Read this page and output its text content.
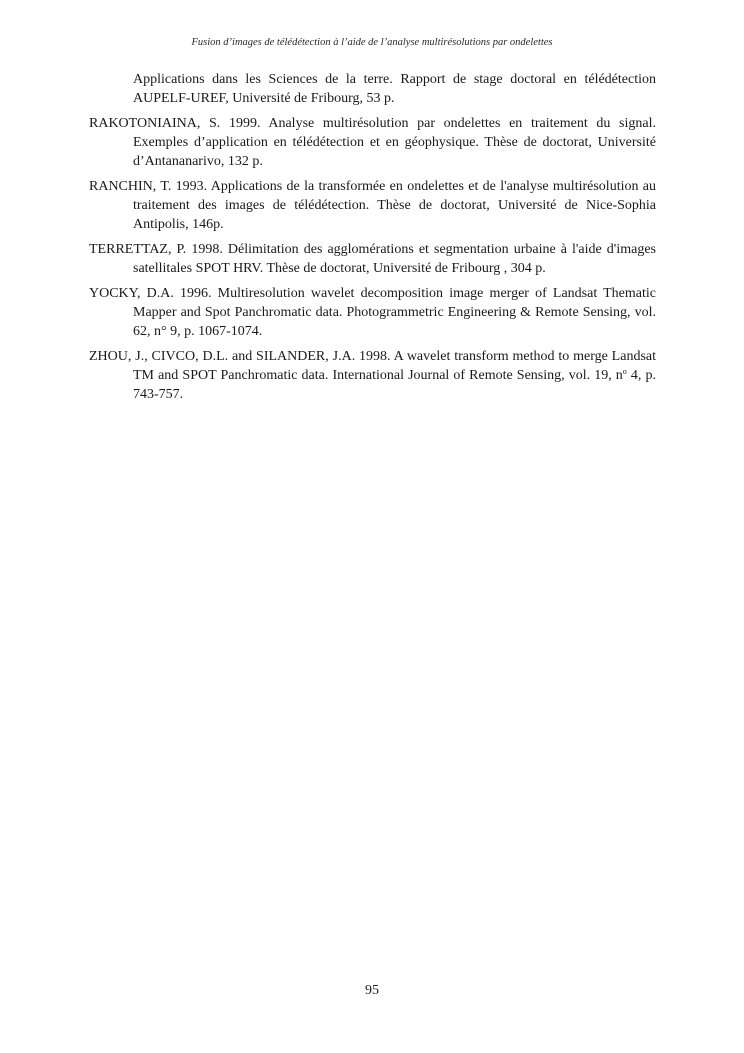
Fusion d’images de télédétection à l’aide de l’analyse multirésolutions par ondelettes
Applications dans les Sciences de la terre. Rapport de stage doctoral en télédétection AUPELF-UREF, Université de Fribourg, 53 p.
RAKOTONIAINA, S. 1999. Analyse multirésolution par ondelettes en traitement du signal. Exemples d’application en télédétection et en géophysique. Thèse de doctorat, Université d’Antananarivo, 132 p.
RANCHIN, T. 1993. Applications de la transformée en ondelettes et de l'analyse multirésolution au traitement des images de télédétection. Thèse de doctorat, Université de Nice-Sophia Antipolis, 146p.
TERRETTAZ, P. 1998. Délimitation des agglomérations et segmentation urbaine à l'aide d'images satellitales SPOT HRV. Thèse de doctorat, Université de Fribourg , 304 p.
YOCKY, D.A. 1996. Multiresolution wavelet decomposition image merger of Landsat Thematic Mapper and Spot Panchromatic data. Photogrammetric Engineering & Remote Sensing, vol. 62, n° 9, p. 1067-1074.
ZHOU, J., CIVCO, D.L. and SILANDER, J.A. 1998. A wavelet transform method to merge Landsat TM and SPOT Panchromatic data. International Journal of Remote Sensing, vol. 19, $n^o$ 4, p. 743-757.
95
